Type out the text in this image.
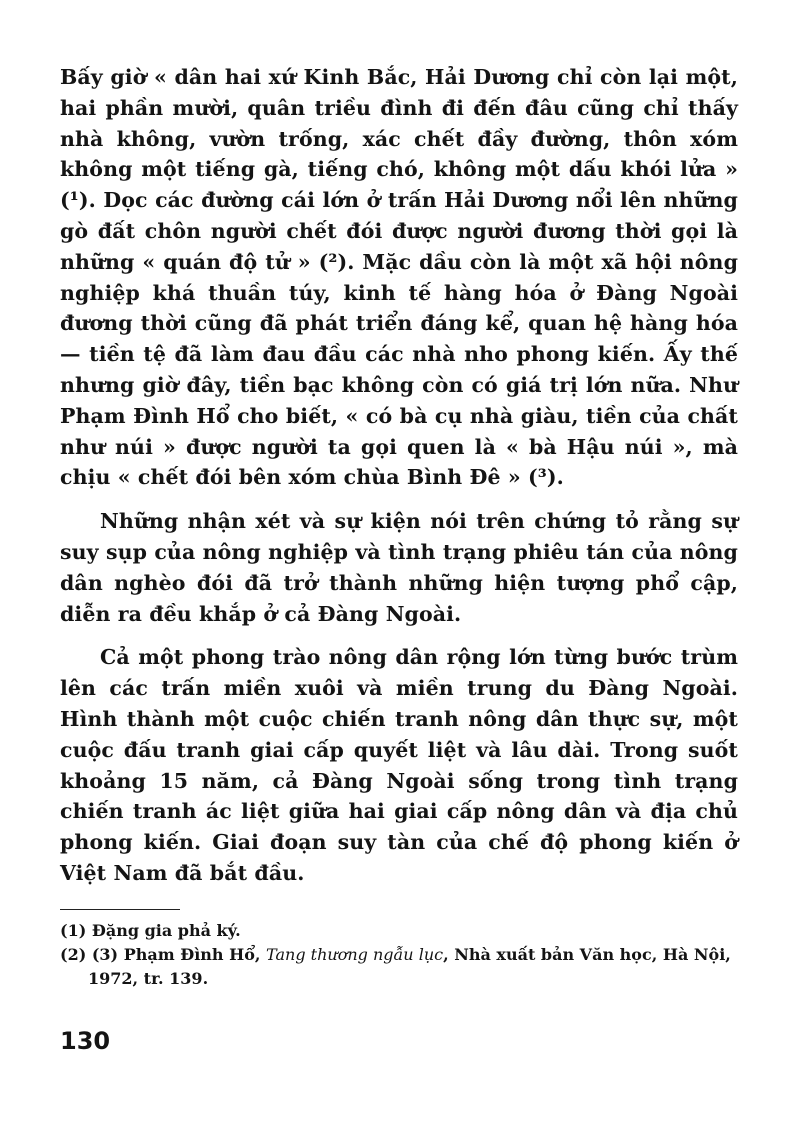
Bấy giờ « dân hai xứ Kinh Bắc, Hải Dương chỉ còn lại một, hai phần mười, quân triều đình đi đến đâu cũng chỉ thấy nhà không, vườn trống, xác chết đầy đường, thôn xóm không một tiếng gà, tiếng chó, không một dấu khói lửa » (¹). Dọc các đường cái lớn ở trấn Hải Dương nổi lên những gò đất chôn người chết đói được người đương thời gọi là những « quán độ tử » (²). Mặc dầu còn là một xã hội nông nghiệp khá thuần túy, kinh tế hàng hóa ở Đàng Ngoài đương thời cũng đã phát triển đáng kể, quan hệ hàng hóa — tiền tệ đã làm đau đầu các nhà nho phong kiến. Ấy thế nhưng giờ đây, tiền bạc không còn có giá trị lớn nữa. Như Phạm Đình Hổ cho biết, « có bà cụ nhà giàu, tiền của chất như núi » được người ta gọi quen là « bà Hậu núi », mà chịu « chết đói bên xóm chùa Bình Đê » (³).

Những nhận xét và sự kiện nói trên chứng tỏ rằng sự suy sụp của nông nghiệp và tình trạng phiêu tán của nông dân nghèo đói đã trở thành những hiện tượng phổ cập, diễn ra đều khắp ở cả Đàng Ngoài.

Cả một phong trào nông dân rộng lớn từng bước trùm lên các trấn miền xuôi và miền trung du Đàng Ngoài. Hình thành một cuộc chiến tranh nông dân thực sự, một cuộc đấu tranh giai cấp quyết liệt và lâu dài. Trong suốt khoảng 15 năm, cả Đàng Ngoài sống trong tình trạng chiến tranh ác liệt giữa hai giai cấp nông dân và địa chủ phong kiến. Giai đoạn suy tàn của chế độ phong kiến ở Việt Nam đã bắt đầu.

(1) Đặng gia phả ký.

(2) (3) Phạm Đình Hổ, Tang thương ngẫu lục, Nhà xuất bản Văn học, Hà Nội, 1972, tr. 139.

130
